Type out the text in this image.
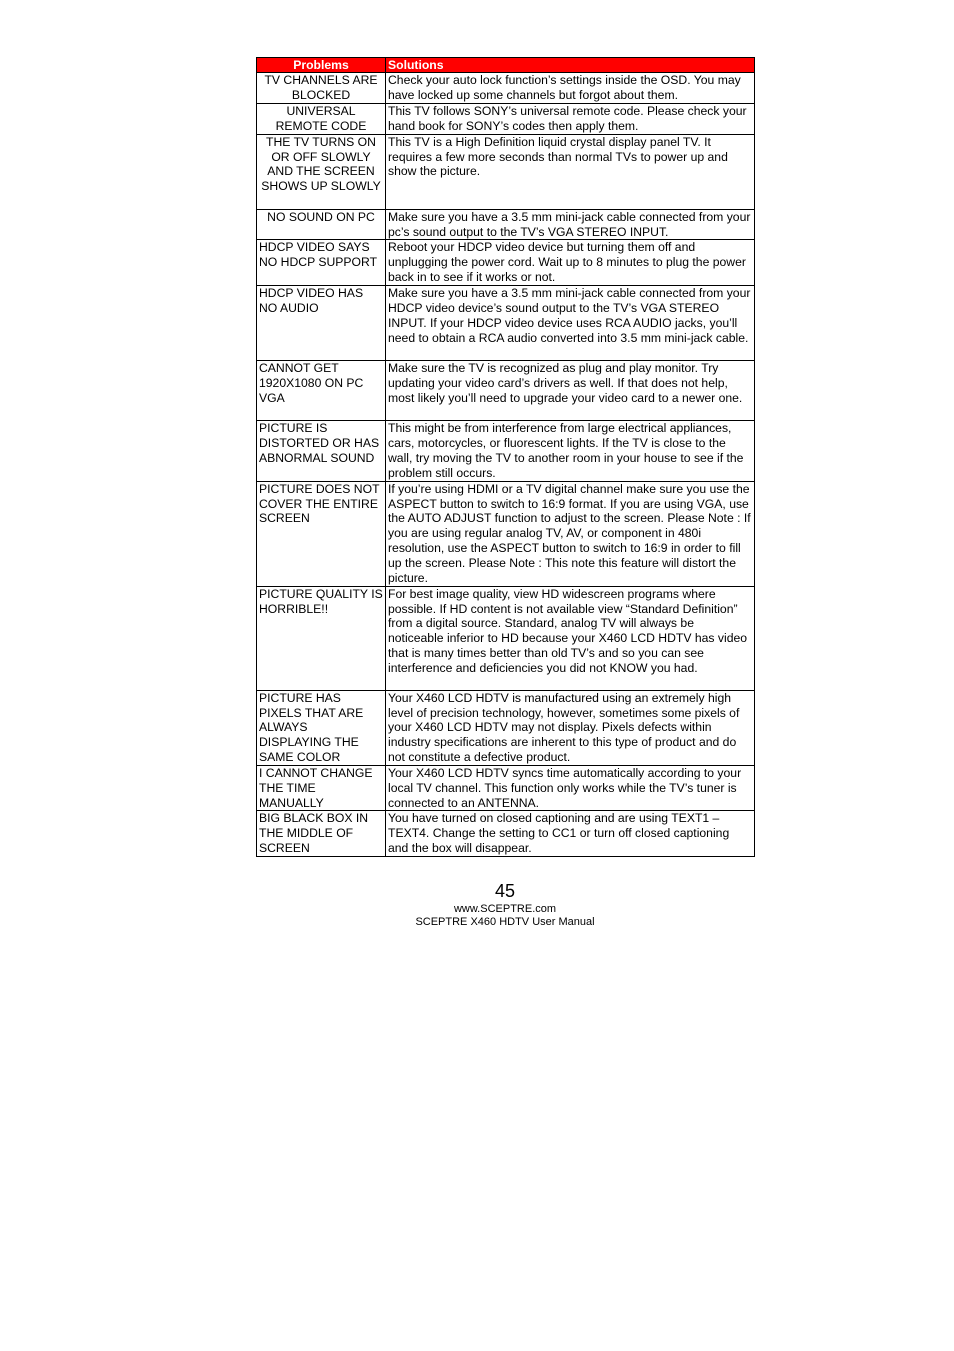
Problems	Solutions
TV CHANNELS ARE BLOCKED	Check your auto lock function’s settings inside the OSD. You may have locked up some channels but forgot about them.
UNIVERSAL REMOTE CODE	This TV follows SONY’s universal remote code. Please check your hand book for SONY’s codes then apply them.
THE TV TURNS ON OR OFF SLOWLY AND THE SCREEN SHOWS UP SLOWLY	This TV is a High Definition liquid crystal display panel TV. It requires a few more seconds than normal TVs to power up and show the picture.
NO SOUND ON PC	Make sure you have a 3.5 mm mini-jack cable connected from your pc’s sound output to the TV’s VGA STEREO INPUT.
HDCP VIDEO SAYS NO HDCP SUPPORT	Reboot your HDCP video device but turning them off and unplugging the power cord. Wait up to 8 minutes to plug the power back in to see if it works or not.
HDCP VIDEO HAS NO AUDIO	Make sure you have a 3.5 mm mini-jack cable connected from your HDCP video device’s sound output to the TV’s VGA STEREO INPUT. If your HDCP video device uses RCA AUDIO jacks, you’ll need to obtain a RCA audio converted into 3.5 mm mini-jack cable.
CANNOT GET 1920X1080 ON PC VGA	Make sure the TV is recognized as plug and play monitor. Try updating your video card’s drivers as well. If that does not help, most likely you’ll need to upgrade your video card to a newer one.
PICTURE IS DISTORTED OR HAS ABNORMAL SOUND	This might be from interference from large electrical appliances, cars, motorcycles, or fluorescent lights. If the TV is close to the wall, try moving the TV to another room in your house to see if the problem still occurs.
PICTURE DOES NOT COVER THE ENTIRE SCREEN	If you’re using HDMI or a TV digital channel make sure you use the ASPECT button to switch to 16:9 format. If you are using VGA, use the AUTO ADJUST function to adjust to the screen. Please Note : If you are using regular analog TV, AV, or component in 480i resolution, use the ASPECT button to switch to 16:9 in order to fill up the screen. Please Note : This note this feature will distort the picture.
PICTURE QUALITY IS HORRIBLE!!	For best image quality, view HD widescreen programs where possible. If HD content is not available view “Standard Definition” from a digital source. Standard, analog TV will always be noticeable inferior to HD because your X460 LCD HDTV has video that is many times better than old TV’s and so you can see interference and deficiencies you did not KNOW you had.
PICTURE HAS PIXELS THAT ARE ALWAYS DISPLAYING THE SAME COLOR	Your X460 LCD HDTV is manufactured using an extremely high level of precision technology, however, sometimes some pixels of your X460 LCD HDTV may not display. Pixels defects within industry specifications are inherent to this type of product and do not constitute a defective product.
I CANNOT CHANGE THE TIME MANUALLY	Your X460 LCD HDTV syncs time automatically according to your local TV channel. This function only works while the TV’s tuner is connected to an ANTENNA.
BIG BLACK BOX IN THE MIDDLE OF SCREEN	You have turned on closed captioning and are using TEXT1 – TEXT4. Change the setting to CC1 or turn off closed captioning and the box will disappear.
45
www.SCEPTRE.com
SCEPTRE X460 HDTV User Manual
